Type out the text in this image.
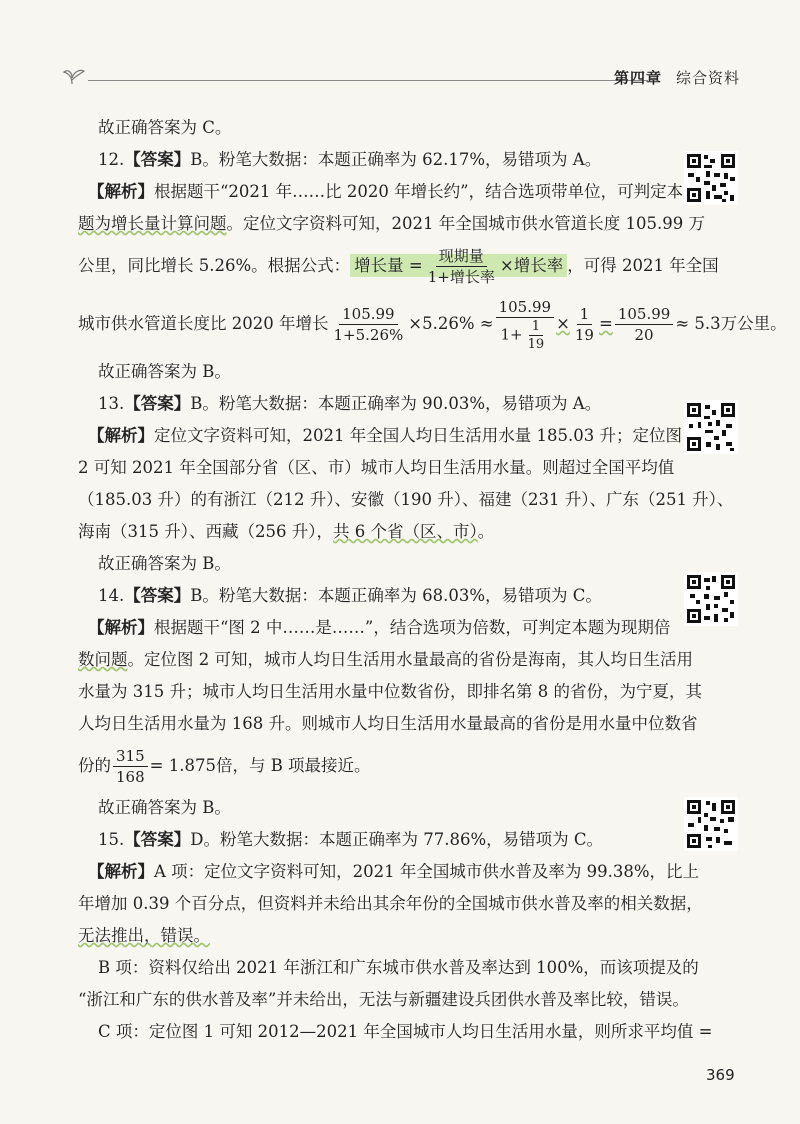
第四章 综合资料

故正确答案为 C。

12.【答案】B。粉笔大数据：本题正确率为 62.17%，易错项为 A。

【解析】根据题干“2021 年……比 2020 年增长约”，结合选项带单位，可判定本

题为增长量计算问题。定位文字资料可知，2021 年全国城市供水管道长度 105.99 万

公里，同比增长 5.26%。根据公式： 增长量 = $\frac{\text{现期量}}{\text{1+增长率}}$ ×增长率 ，可得 2021 年全国

城市供水管道长度比 2020 年增长 $\frac{105.99}{1+5.26\%} \times 5.26\% \approx \frac{105.99}{1+ \frac{1}{19}} \times \frac{1}{19} = \frac{105.99}{20} \approx 5.3$万公里。

故正确答案为 B。

13.【答案】B。粉笔大数据：本题正确率为 90.03%，易错项为 A。

【解析】定位文字资料可知，2021 年全国人均日生活用水量 185.03 升；定位图

2 可知 2021 年全国部分省（区、市）城市人均日生活用水量。则超过全国平均值

（185.03 升）的有浙江（212 升）、安徽（190 升）、福建（231 升）、广东（251 升）、

海南（315 升）、西藏（256 升），共 6 个省（区、市）。

故正确答案为 B。

14.【答案】B。粉笔大数据：本题正确率为 68.03%，易错项为 C。

【解析】根据题干“图 2 中……是……”，结合选项为倍数，可判定本题为现期倍

数问题。定位图 2 可知，城市人均日生活用水量最高的省份是海南，其人均日生活用

水量为 315 升；城市人均日生活用水量中位数省份，即排名第 8 的省份，为宁夏，其

人均日生活用水量为 168 升。则城市人均日生活用水量最高的省份是用水量中位数省

份的 $\frac{315}{168} = 1.875$倍，与 B 项最接近。

故正确答案为 B。

15.【答案】D。粉笔大数据：本题正确率为 77.86%，易错项为 C。

【解析】A 项：定位文字资料可知，2021 年全国城市供水普及率为 99.38%，比上

年增加 0.39 个百分点，但资料并未给出其余年份的全国城市供水普及率的相关数据，

无法推出，错误。

B 项：资料仅给出 2021 年浙江和广东城市供水普及率达到 100%，而该项提及的

“浙江和广东的供水普及率”并未给出，无法与新疆建设兵团供水普及率比较，错误。

C 项：定位图 1 可知 2012—2021 年全国城市人均日生活用水量，则所求平均值 =

369
